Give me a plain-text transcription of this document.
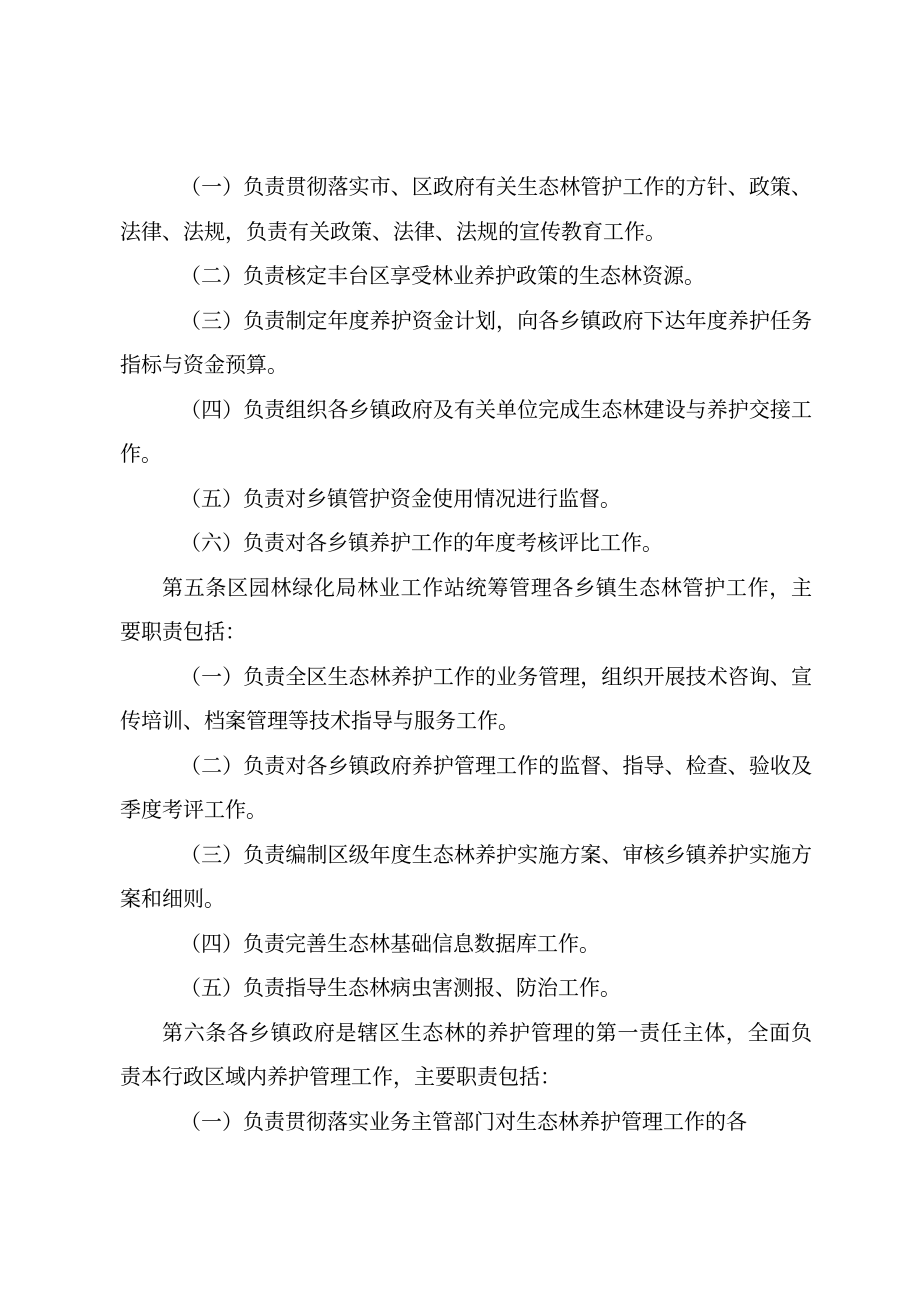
（一）负责贯彻落实市、区政府有关生态林管护工作的方针、政策、法律、法规，负责有关政策、法律、法规的宣传教育工作。

（二）负责核定丰台区享受林业养护政策的生态林资源。

（三）负责制定年度养护资金计划，向各乡镇政府下达年度养护任务指标与资金预算。

（四）负责组织各乡镇政府及有关单位完成生态林建设与养护交接工作。

（五）负责对乡镇管护资金使用情况进行监督。

（六）负责对各乡镇养护工作的年度考核评比工作。

第五条区园林绿化局林业工作站统筹管理各乡镇生态林管护工作，主要职责包括：

（一）负责全区生态林养护工作的业务管理，组织开展技术咨询、宣传培训、档案管理等技术指导与服务工作。

（二）负责对各乡镇政府养护管理工作的监督、指导、检查、验收及季度考评工作。

（三）负责编制区级年度生态林养护实施方案、审核乡镇养护实施方案和细则。

（四）负责完善生态林基础信息数据库工作。

（五）负责指导生态林病虫害测报、防治工作。

第六条各乡镇政府是辖区生态林的养护管理的第一责任主体，全面负责本行政区域内养护管理工作，主要职责包括：

（一）负责贯彻落实业务主管部门对生态林养护管理工作的各
